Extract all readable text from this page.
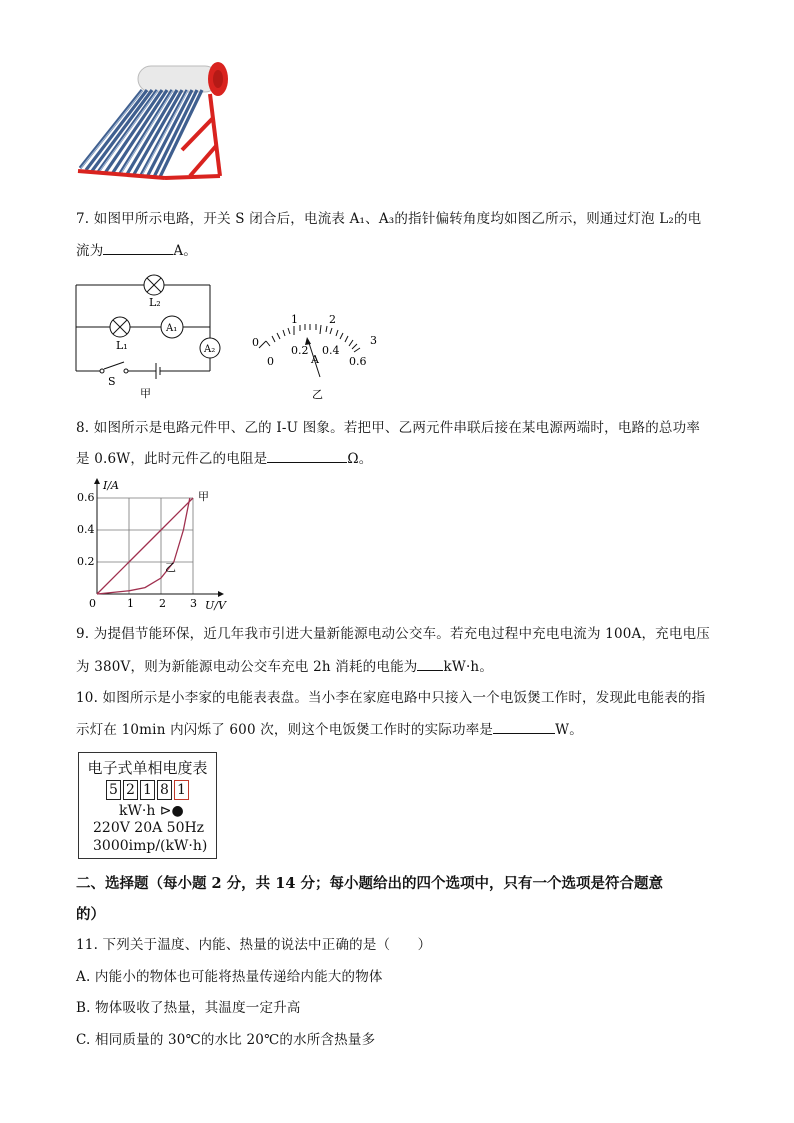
7. 如图甲所示电路，开关 S 闭合后，电流表 A₁、A₃的指针偏转角度均如图乙所示，则通过灯泡 L₂的电
流为	A。
L₂
L₁
A₁
A₂
S
甲
1	2
0	3
0
0.2 0.4
0.6
A
乙
8. 如图所示是电路元件甲、乙的 I-U 图象。若把甲、乙两元件串联后接在某电源两端时，电路的总功率
是 0.6W，此时元件乙的电阻是	Ω。
I/A
U/V
0.6
0.4
0.2
0	1 2 3
甲
乙
9. 为提倡节能环保，近几年我市引进大量新能源电动公交车。若充电过程中充电电流为 100A，充电电压
为 380V，则为新能源电动公交车充电 2h 消耗的电能为 kW·h。
10. 如图所示是小李家的电能表表盘。当小李在家庭电路中只接入一个电饭煲工作时，发现此电能表的指
示灯在 10min 内闪烁了 600 次，则这个电饭煲工作时的实际功率是	W。
电子式单相电度表
5 2 1 8 1
kW·h ⊳●
220V 20A 50Hz
3000imp/(kW·h)
二、选择题（每小题 2 分，共 14 分；每小题给出的四个选项中，只有一个选项是符合题意
的）
11. 下列关于温度、内能、热量的说法中正确的是（　　）
A. 内能小的物体也可能将热量传递给内能大的物体
B. 物体吸收了热量，其温度一定升高
C. 相同质量的 30℃的水比 20℃的水所含热量多
